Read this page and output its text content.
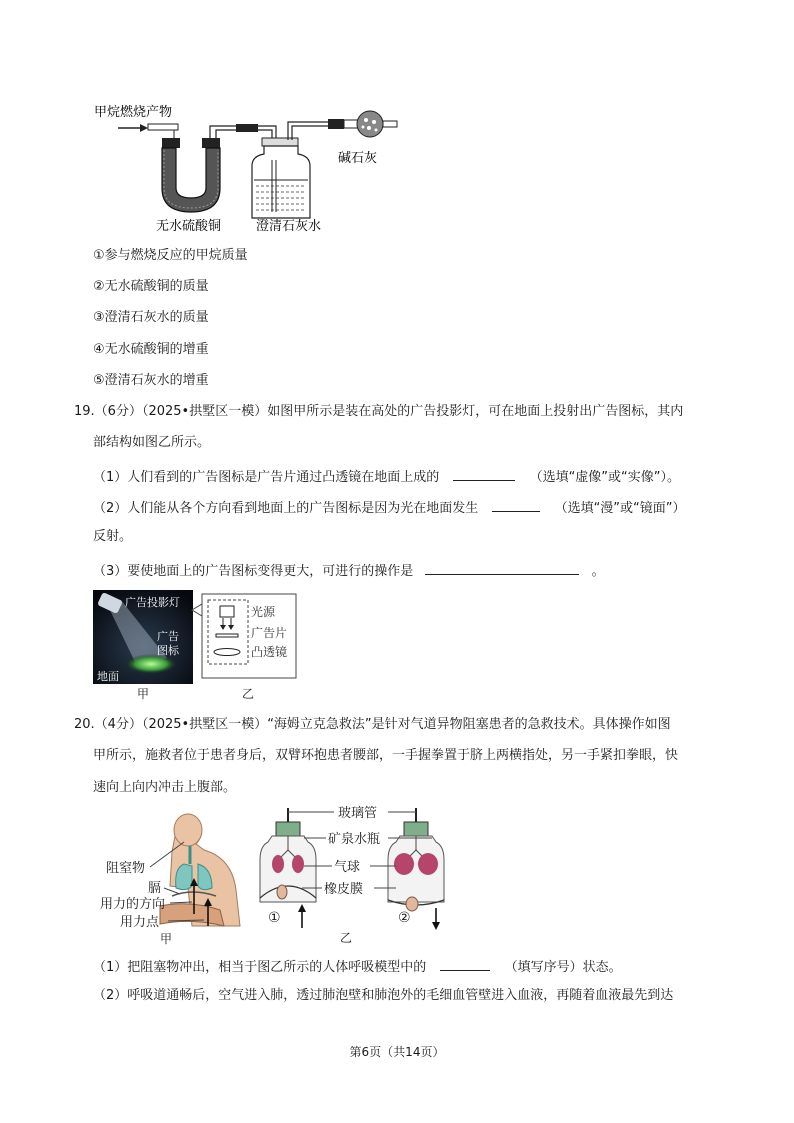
甲烷燃烧产物
碱石灰
无水硫酸铜	澄清石灰水
①参与燃烧反应的甲烷质量
②无水硫酸铜的质量
③澄清石灰水的质量
④无水硫酸铜的增重
⑤澄清石灰水的增重
19.（6分）（2025•拱墅区一模）如图甲所示是装在高处的广告投影灯，可在地面上投射出广告图标，其内
部结构如图乙所示。
（1）人们看到的广告图标是广告片通过凸透镜在地面上成的	（选填“虚像”或“实像”）。
（2）人们能从各个方向看到地面上的广告图标是因为光在地面发生	（选填“漫”或“镜面”）
反射。
（3）要使地面上的广告图标变得更大，可进行的操作是	。
广告投影灯
广告
图标
地面
甲
光源
广告片
凸透镜
乙
20.（4分）（2025•拱墅区一模）“海姆立克急救法”是针对气道异物阻塞患者的急救技术。具体操作如图
甲所示，施救者位于患者身后，双臂环抱患者腰部，一手握拳置于脐上两横指处，另一手紧扣拳眼，快
速向上向内冲击上腹部。
阻窒物
膈
用力的方向
用力点
甲
玻璃管
矿泉水瓶
气球
橡皮膜
①	②
乙
（1）把阻塞物冲出，相当于图乙所示的人体呼吸模型中的	（填写序号）状态。
（2）呼吸道通畅后，空气进入肺，透过肺泡壁和肺泡外的毛细血管壁进入血液，再随着血液最先到达
第6页（共14页）
